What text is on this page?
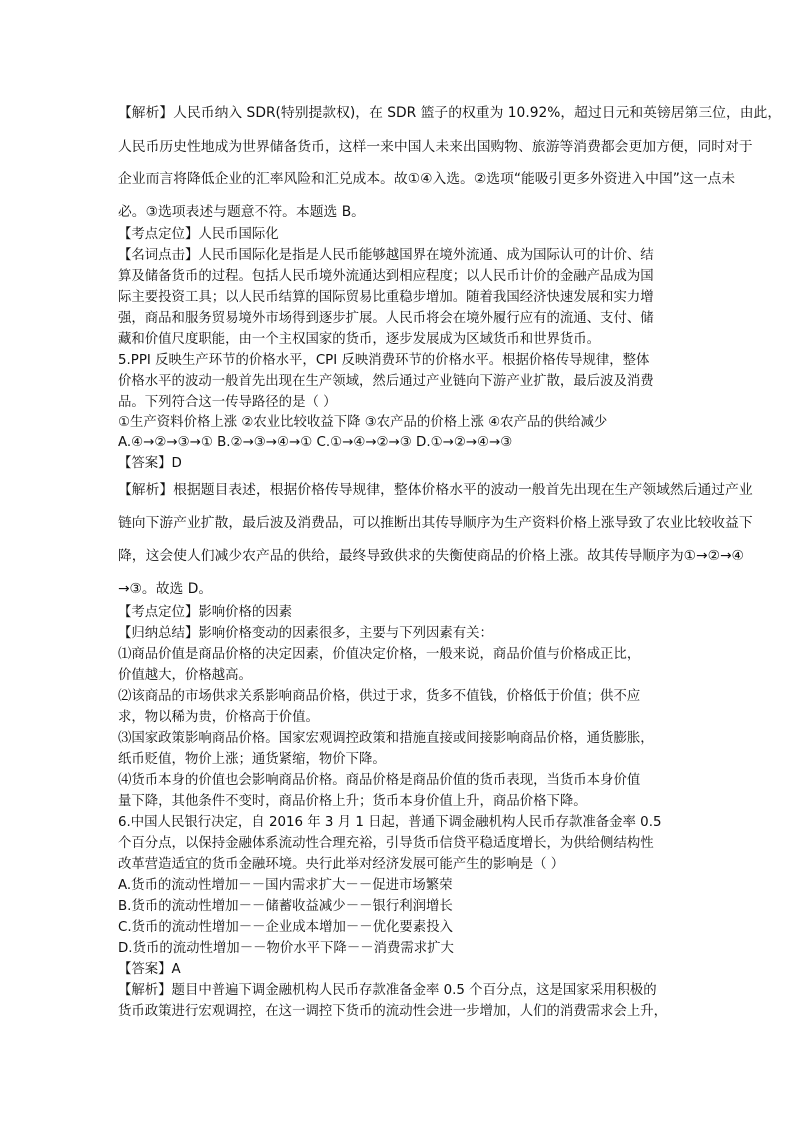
【解析】人民币纳入 SDR(特别提款权)，在 SDR 篮子的权重为 10.92%，超过日元和英镑居第三位，由此，
人民币历史性地成为世界储备货币，这样一来中国人未来出国购物、旅游等消费都会更加方便，同时对于
企业而言将降低企业的汇率风险和汇兑成本。故①④入选。②选项“能吸引更多外资进入中国”这一点未
必。③选项表述与题意不符。本题选 B。
【考点定位】人民币国际化
【名词点击】人民币国际化是指是人民币能够越国界在境外流通、成为国际认可的计价、结
算及储备货币的过程。包括人民币境外流通达到相应程度；以人民币计价的金融产品成为国
际主要投资工具；以人民币结算的国际贸易比重稳步增加。随着我国经济快速发展和实力增
强，商品和服务贸易境外市场得到逐步扩展。人民币将会在境外履行应有的流通、支付、储
藏和价值尺度职能，由一个主权国家的货币，逐步发展成为区域货币和世界货币。
5.PPI 反映生产环节的价格水平，CPI 反映消费环节的价格水平。根据价格传导规律，整体
价格水平的波动一般首先出现在生产领域，然后通过产业链向下游产业扩散，最后波及消费
品。下列符合这一传导路径的是（ ）
①生产资料价格上涨 ②农业比较收益下降 ③农产品的价格上涨 ④农产品的供给减少
A.④→②→③→① B.②→③→④→① C.①→④→②→③ D.①→②→④→③
【答案】D
【解析】根据题目表述，根据价格传导规律，整体价格水平的波动一般首先出现在生产领域然后通过产业
链向下游产业扩散，最后波及消费品，可以推断出其传导顺序为生产资料价格上涨导致了农业比较收益下
降，这会使人们减少农产品的供给，最终导致供求的失衡使商品的价格上涨。故其传导顺序为①→②→④
→③。故选 D。
【考点定位】影响价格的因素
【归纳总结】影响价格变动的因素很多，主要与下列因素有关：
⑴商品价值是商品价格的决定因素，价值决定价格，一般来说，商品价值与价格成正比，
价值越大，价格越高。
⑵该商品的市场供求关系影响商品价格，供过于求，货多不值钱，价格低于价值；供不应
求，物以稀为贵，价格高于价值。
⑶国家政策影响商品价格。国家宏观调控政策和措施直接或间接影响商品价格，通货膨胀，
纸币贬值，物价上涨；通货紧缩，物价下降。
⑷货币本身的价值也会影响商品价格。商品价格是商品价值的货币表现，当货币本身价值
量下降，其他条件不变时，商品价格上升；货币本身价值上升，商品价格下降。
6.中国人民银行决定，自 2016 年 3 月 1 日起，普通下调金融机构人民币存款准备金率 0.5
个百分点，以保持金融体系流动性合理充裕，引导货币信贷平稳适度增长，为供给侧结构性
改革营造适宜的货币金融环境。央行此举对经济发展可能产生的影响是（ ）
A.货币的流动性增加－－国内需求扩大－－促进市场繁荣
B.货币的流动性增加－－储蓄收益减少－－银行利润增长
C.货币的流动性增加－－企业成本增加－－优化要素投入
D.货币的流动性增加－－物价水平下降－－消费需求扩大
【答案】A
【解析】题目中普遍下调金融机构人民币存款准备金率 0.5 个百分点，这是国家采用积极的
货币政策进行宏观调控，在这一调控下货币的流动性会进一步增加，人们的消费需求会上升，
